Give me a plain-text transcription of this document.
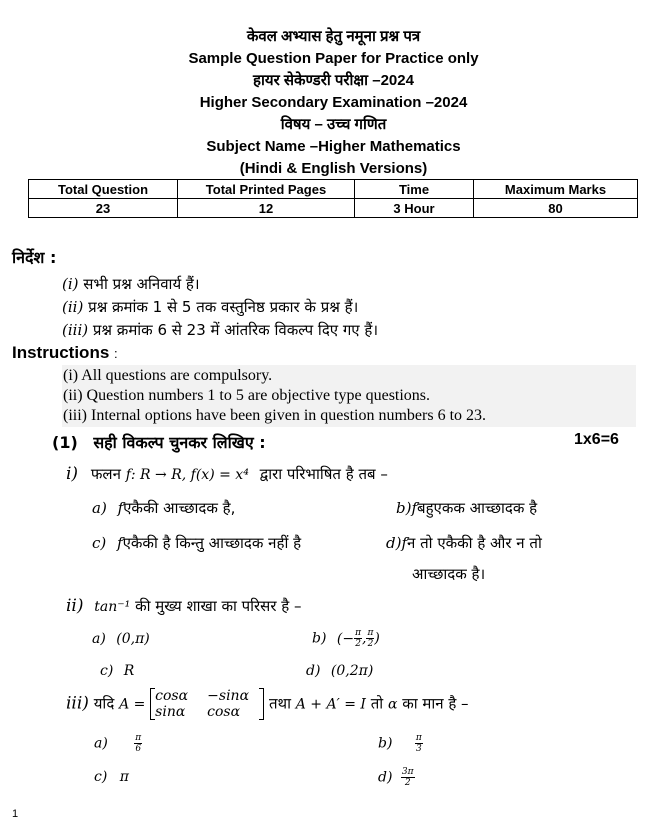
केवल अभ्यास हेतु नमूना प्रश्न पत्र
Sample Question Paper for Practice only
हायर सेकेण्डरी परीक्षा –2024
Higher Secondary Examination –2024
विषय – उच्च गणित
Subject Name –Higher Mathematics
(Hindi & English Versions)
Total Question	Total Printed Pages	Time	Maximum Marks
23	12	3 Hour	80
निर्देश :
(i) सभी प्रश्न अनिवार्य हैं।
(ii) प्रश्न क्रमांक 1 से 5 तक वस्तुनिष्ठ प्रकार के प्रश्न हैं।
(iii) प्रश्न क्रमांक 6 से 23 में आंतरिक विकल्प दिए गए हैं।
Instructions :
(i) All questions are compulsory.
(ii) Question numbers 1 to 5 are objective type questions.
(iii) Internal options have been given in question numbers 6 to 23.
(1) सही विकल्प चुनकर लिखिए :	1x6=6
i) फलन f: R → R, f(x) = x⁴ द्वारा परिभाषित है तब –
a) fएकैकी आच्छादक है,	b)fबहुएकक आच्छादक है
c) fएकैकी है किन्तु आच्छादक नहीं है	d)fन तो एकैकी है और न तो
आच्छादक है।
ii) tan⁻¹ की मुख्य शाखा का परिसर है –
a) (0,π)	b) (− $\frac{\pi}{2}$ , $\frac{\pi}{2}$ )
c) R	d) (0,2π)
iii) यदि A =
cosα −sinα
sinα cosα	तथा A + A′ = I तो α का मान है –
a)	$\frac{\pi}{6}$	$b) \frac{\pi}{3}$
c) π	$d) \frac{3\pi}{2}$
1
